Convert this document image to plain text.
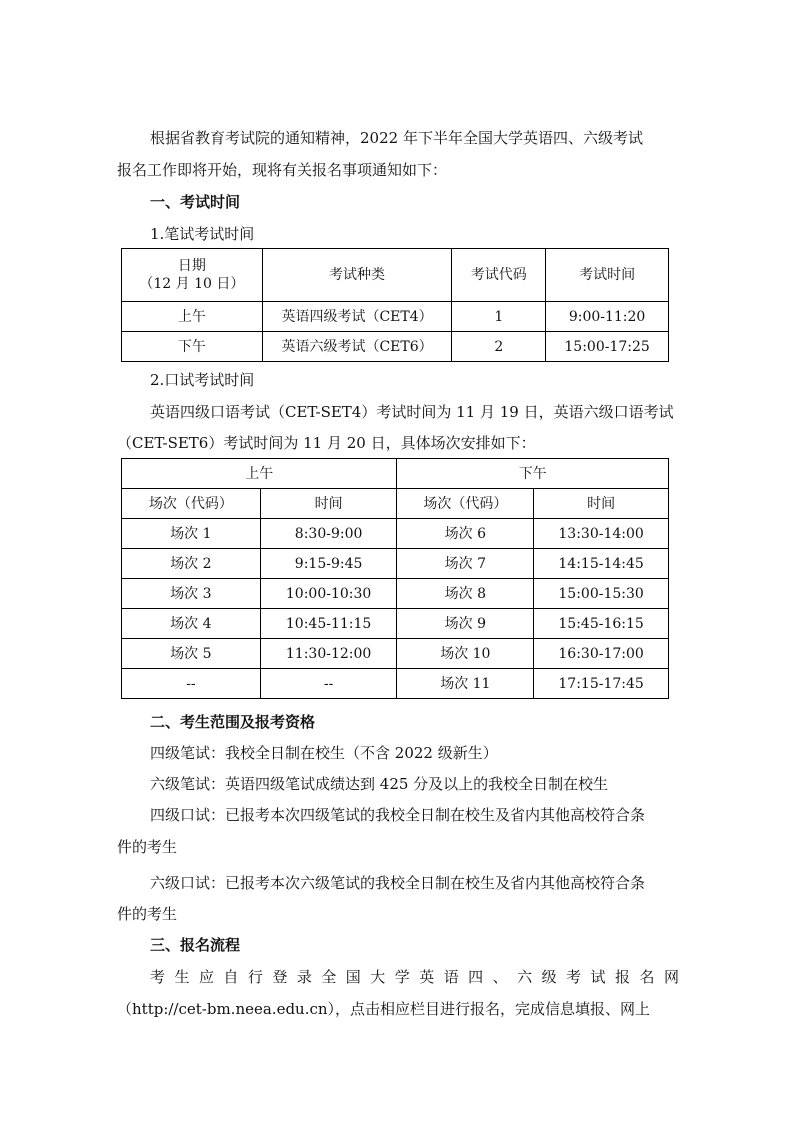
根据省教育考试院的通知精神，2022 年下半年全国大学英语四、六级考试
报名工作即将开始，现将有关报名事项通知如下：
一、考试时间
1.笔试考试时间
日期
（12 月 10 日）	考试种类	考试代码	考试时间
上午	英语四级考试（CET4）	1	9:00-11:20
下午	英语六级考试（CET6）	2	15:00-17:25
2.口试考试时间
英语四级口语考试（CET-SET4）考试时间为 11 月 19 日，英语六级口语考试
（CET-SET6）考试时间为 11 月 20 日，具体场次安排如下：
上午		下午	
场次（代码）	时间	场次（代码）	时间
场次 1	8:30-9:00	场次 6	13:30-14:00
场次 2	9:15-9:45	场次 7	14:15-14:45
场次 3	10:00-10:30	场次 8	15:00-15:30
场次 4	10:45-11:15	场次 9	15:45-16:15
场次 5	11:30-12:00	场次 10	16:30-17:00
--	--	场次 11	17:15-17:45
二、考生范围及报考资格
四级笔试：我校全日制在校生（不含 2022 级新生）
六级笔试：英语四级笔试成绩达到 425 分及以上的我校全日制在校生
四级口试：已报考本次四级笔试的我校全日制在校生及省内其他高校符合条
件的考生
六级口试：已报考本次六级笔试的我校全日制在校生及省内其他高校符合条
件的考生
三、报名流程
考生应自行登录全国大学英语四、六级考试报名网
（http://cet-bm.neea.edu.cn），点击相应栏目进行报名，完成信息填报、网上
